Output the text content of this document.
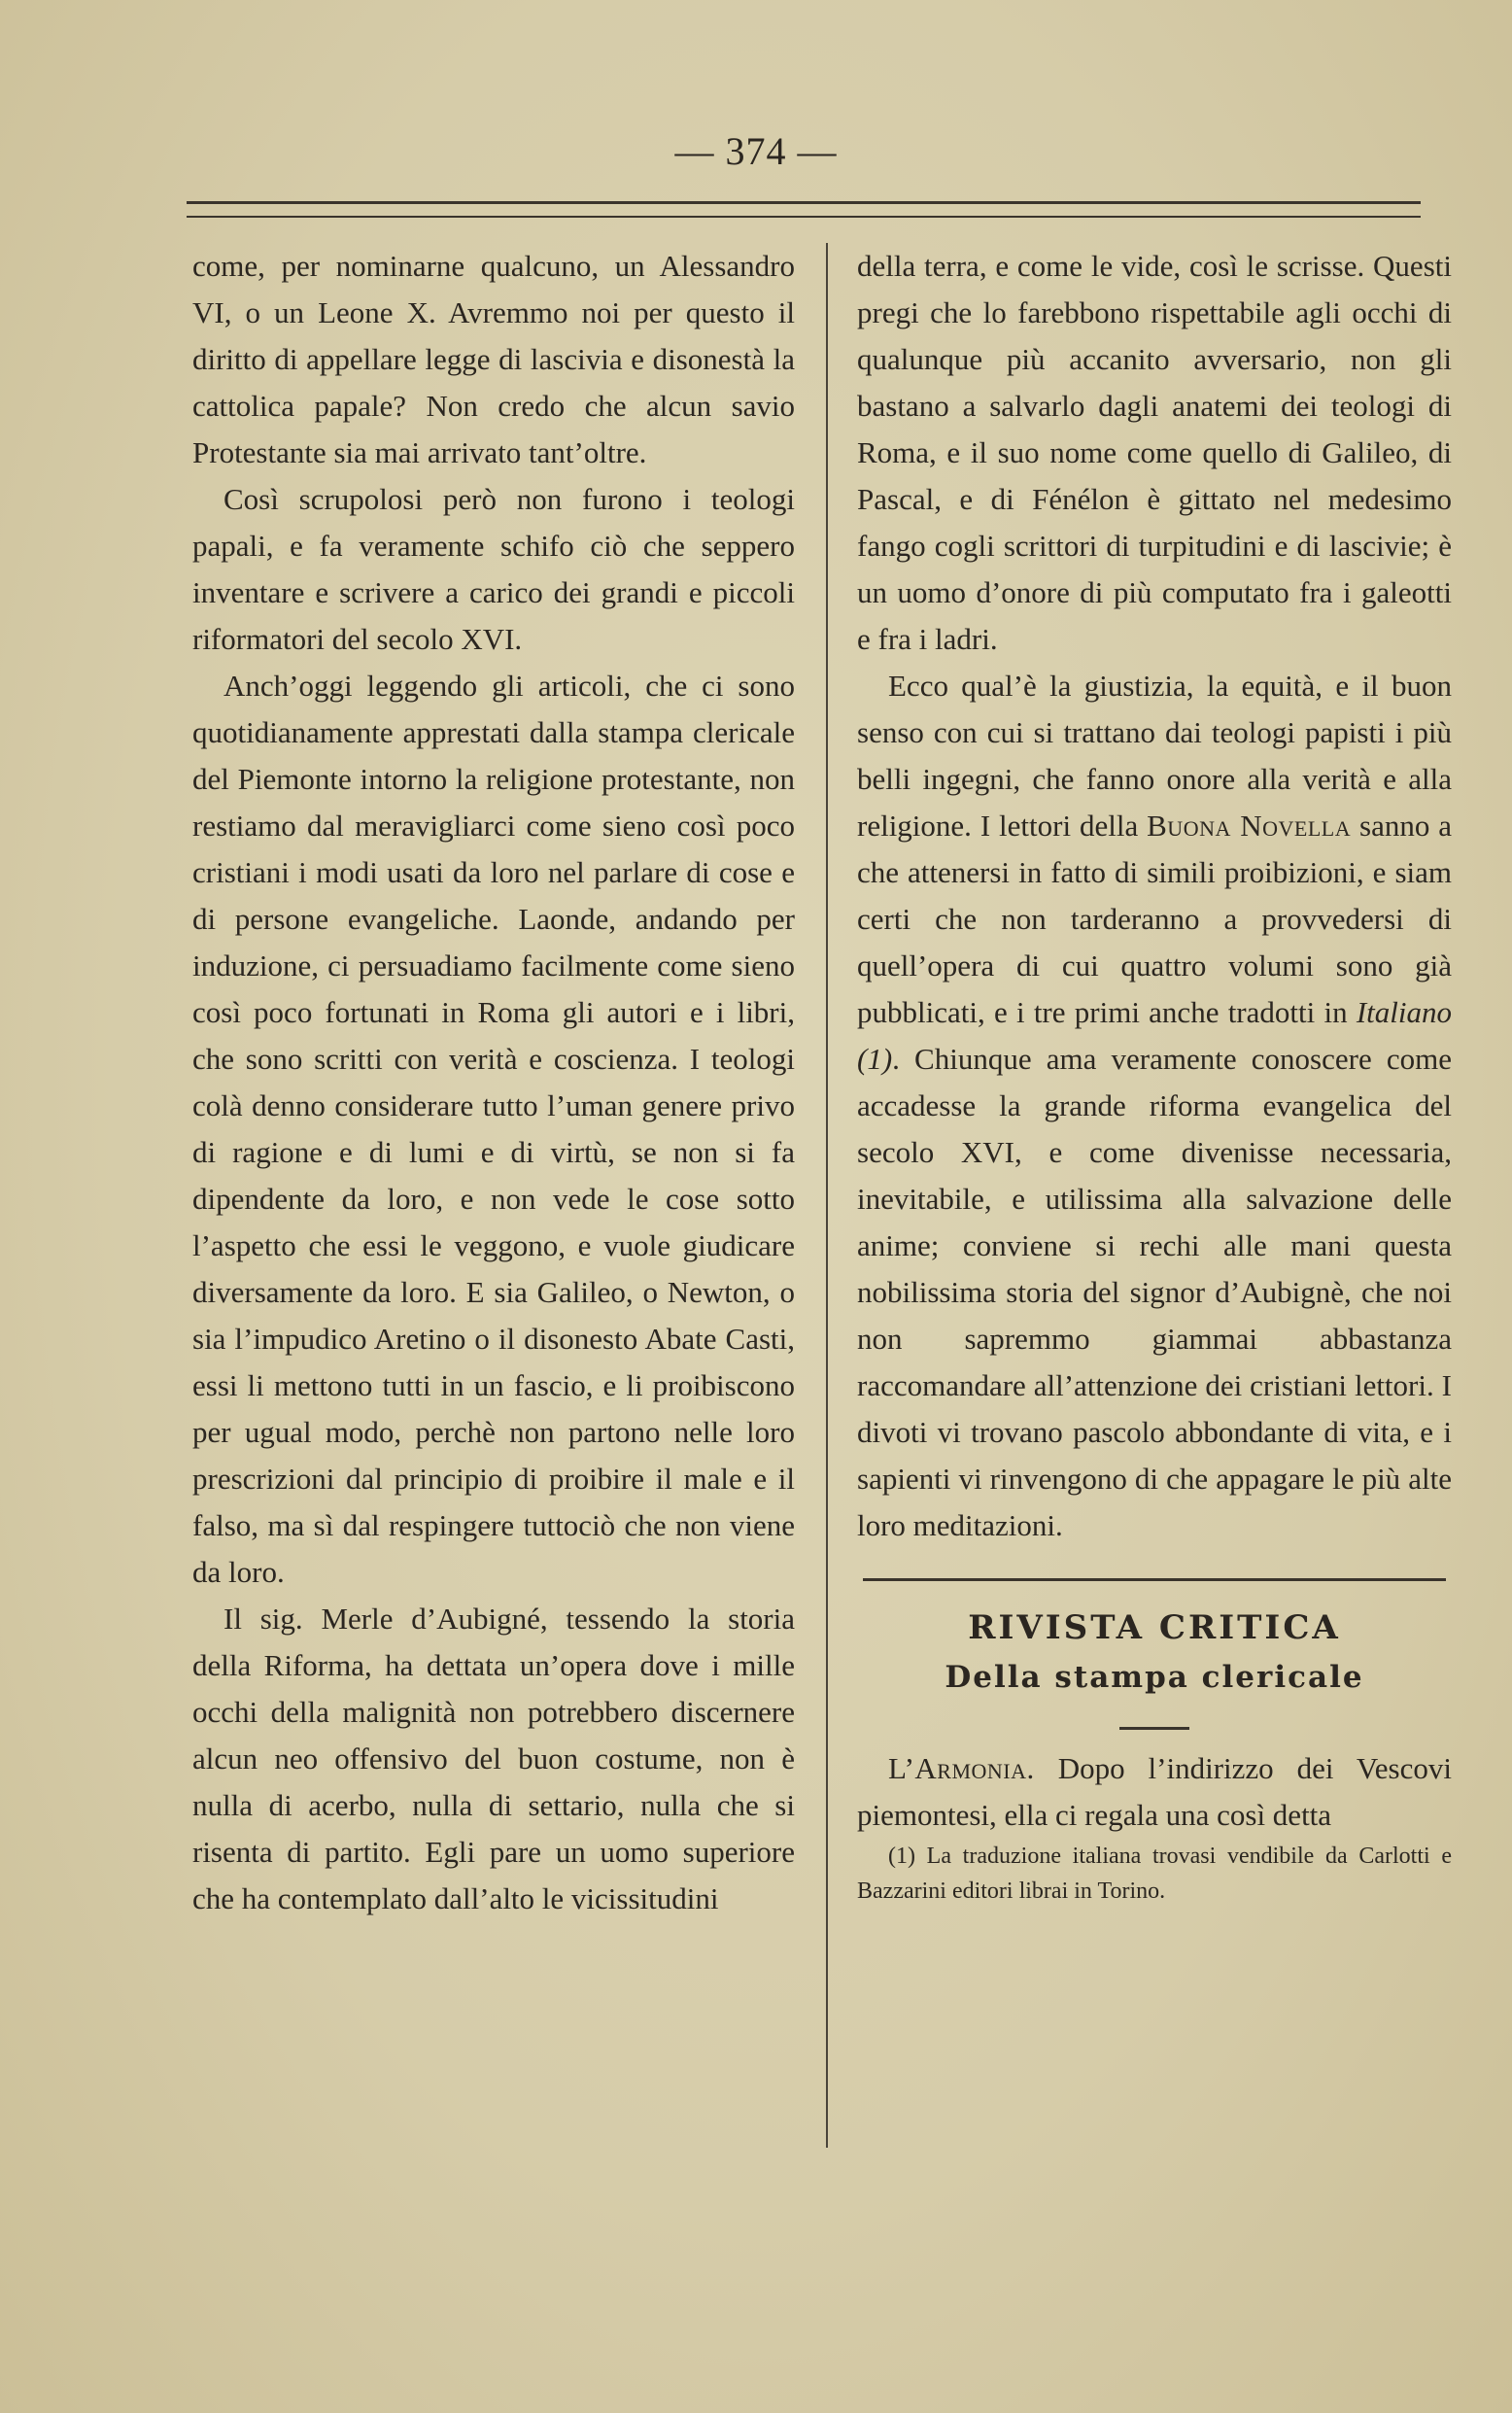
— 374 —

come, per nominarne qualcuno, un Alessandro VI, o un Leone X. Avremmo noi per questo il diritto di appellare legge di lascivia e disonestà la cattolica papale? Non credo che alcun savio Protestante sia mai arrivato tant’oltre.

Così scrupolosi però non furono i teologi papali, e fa veramente schifo ciò che seppero inventare e scrivere a carico dei grandi e piccoli riformatori del secolo XVI.

Anch’oggi leggendo gli articoli, che ci sono quotidianamente apprestati dalla stampa clericale del Piemonte intorno la religione protestante, non restiamo dal meravigliarci come sieno così poco cristiani i modi usati da loro nel parlare di cose e di persone evangeliche. Laonde, andando per induzione, ci persuadiamo facilmente come sieno così poco fortunati in Roma gli autori e i libri, che sono scritti con verità e coscienza. I teologi colà denno considerare tutto l’uman genere privo di ragione e di lumi e di virtù, se non si fa dipendente da loro, e non vede le cose sotto l’aspetto che essi le veggono, e vuole giudicare diversamente da loro. E sia Galileo, o Newton, o sia l’impudico Aretino o il disonesto Abate Casti, essi li mettono tutti in un fascio, e li proibiscono per ugual modo, perchè non partono nelle loro prescrizioni dal principio di proibire il male e il falso, ma sì dal respingere tuttociò che non viene da loro.

Il sig. Merle d’Aubigné, tessendo la storia della Riforma, ha dettata un’opera dove i mille occhi della malignità non potrebbero discernere alcun neo offensivo del buon costume, non è nulla di acerbo, nulla di settario, nulla che si risenta di partito. Egli pare un uomo superiore che ha contemplato dall’alto le vicissitudini

della terra, e come le vide, così le scrisse. Questi pregi che lo farebbono rispettabile agli occhi di qualunque più accanito avversario, non gli bastano a salvarlo dagli anatemi dei teologi di Roma, e il suo nome come quello di Galileo, di Pascal, e di Fénélon è gittato nel medesimo fango cogli scrittori di turpitudini e di lascivie; è un uomo d’onore di più computato fra i galeotti e fra i ladri.

Ecco qual’è la giustizia, la equità, e il buon senso con cui si trattano dai teologi papisti i più belli ingegni, che fanno onore alla verità e alla religione. I lettori della Buona Novella sanno a che attenersi in fatto di simili proibizioni, e siam certi che non tarderanno a provvedersi di quell’opera di cui quattro volumi sono già pubblicati, e i tre primi anche tradotti in Italiano (1). Chiunque ama veramente conoscere come accadesse la grande riforma evangelica del secolo XVI, e come divenisse necessaria, inevitabile, e utilissima alla salvazione delle anime; conviene si rechi alle mani questa nobilissima storia del signor d’Aubignè, che noi non sapremmo giammai abbastanza raccomandare all’attenzione dei cristiani lettori. I divoti vi trovano pascolo abbondante di vita, e i sapienti vi rinvengono di che appagare le più alte loro meditazioni.

RIVISTA CRITICA

Della stampa clericale

L’Armonia. Dopo l’indirizzo dei Vescovi piemontesi, ella ci regala una così detta

(1) La traduzione italiana trovasi vendibile da Carlotti e Bazzarini editori librai in Torino.
